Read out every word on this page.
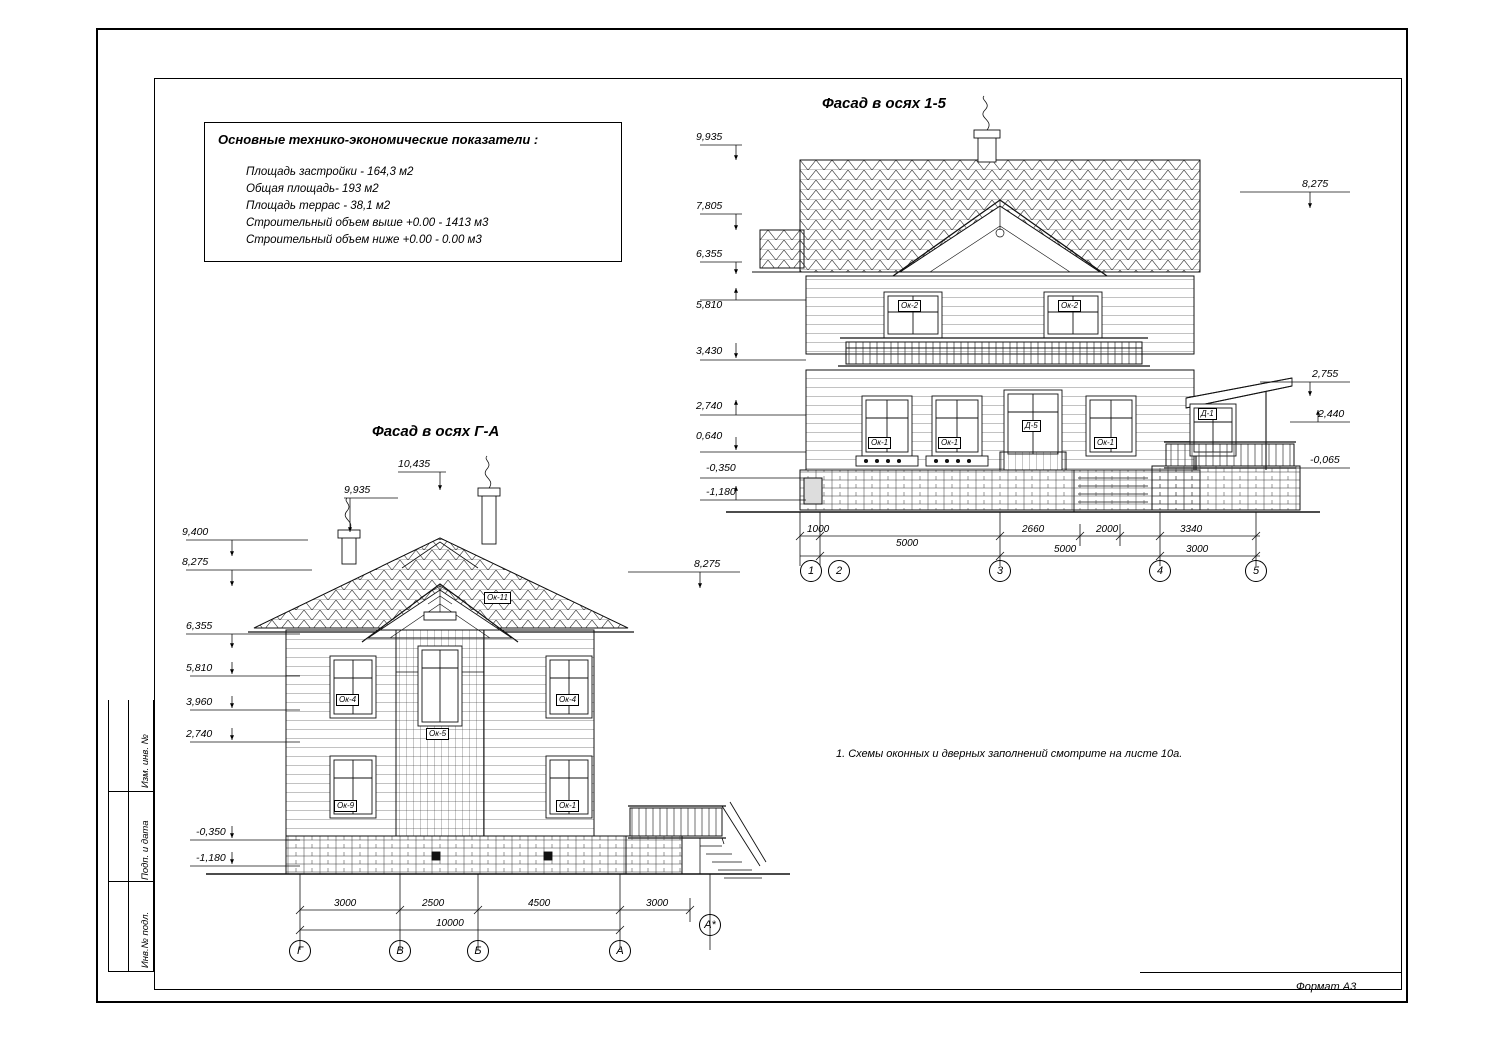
Изм. инв. №
Подп. и дата
Инв.№ подл.
Формат А3
Основные технико-экономические показатели :
Площадь застройки - 164,3 м2
Общая площадь- 193 м2
Площадь террас - 38,1 м2
Строительный объем выше +0.00 - 1413 м3
Строительный объем ниже +0.00 - 0.00 м3
1. Схемы оконных и дверных заполнений смотрите на листе 10а.
Фасад в осях 1-5
9,935
7,805
6,355
5,810
3,430
2,740
0,640
-0,350
-1,180
8,275
2,755
2,440
-0,065
Ок-2	Ок-2
Ок-1	Ок-1
Д-5
Ок-1
Д-1
1000
5000
2660	2000	3340
5000	3000
1	2	3	4	5
Фасад в осях Г-А
9,400
8,275
6,355
5,810
3,960
2,740
-0,350
-1,180
10,435
9,935
8,275
Ок-11
Ок-4	Ок-4
Ок-5
Ок-9	Ок-1
3000	2500	4500	3000
10000
Г	В	Б	А
А*
